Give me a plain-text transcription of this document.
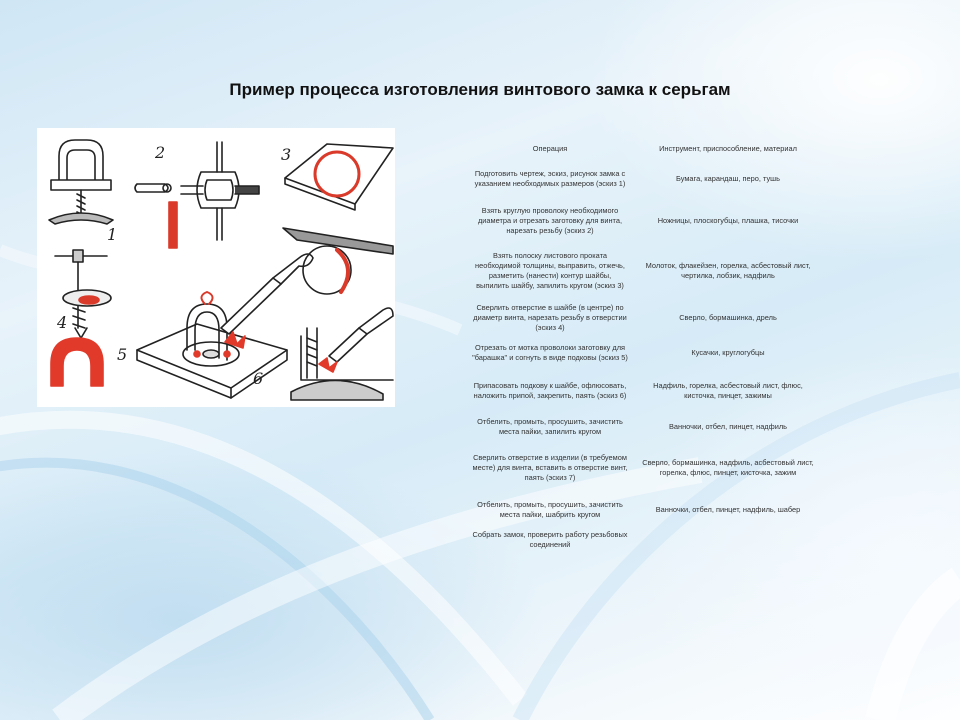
Пример процесса изготовления винтового замка к серьгам
1
2	3
4
5
6
Операция	Инструмент, приспособление, материал
Подготовить чертеж, эскиз, рисунок замка с указанием необходимых размеров (эскиз 1)
Бумага, карандаш, перо, тушь
Взять круглую проволоку необходимого диаметра и отрезать заготовку для винта, нарезать резьбу (эскиз 2)
Ножницы, плоскогубцы, плашка, тисочки
Взять полоску листового проката необходимой толщины, выправить, отжечь, разметить (нанести) контур шайбы, выпилить шайбу, запилить кругом (эскиз 3)
Молоток, флакейзен, горелка, асбестовый лист, чертилка, лобзик, надфиль
Сверлить отверстие в шайбе (в центре) по диаметр винта, нарезать резьбу в отверстии (эскиз 4)
Сверло, бормашинка, дрель
Отрезать от мотка проволоки заготовку для "барашка" и согнуть в виде подковы (эскиз 5)
Кусачки, круглогубцы
Припасовать подкову к шайбе, офлюсовать, наложить припой, закрепить, паять (эскиз 6)
Надфиль, горелка, асбестовый лист, флюс, кисточка, пинцет, зажимы
Отбелить, промыть, просушить, зачистить места пайки, запилить кругом
Ванночки, отбел, пинцет, надфиль
Сверлить отверстие в изделии (в требуемом месте) для винта, вставить в отверстие винт, паять (эскиз 7)
Сверло, бормашинка, надфиль, асбестовый лист, горелка, флюс, пинцет, кисточка, зажим
Отбелить, промыть, просушить, зачистить места пайки, шабрить кругом
Ванночки, отбел, пинцет, надфиль, шабер
Собрать замок, проверить работу резьбовых соединений
